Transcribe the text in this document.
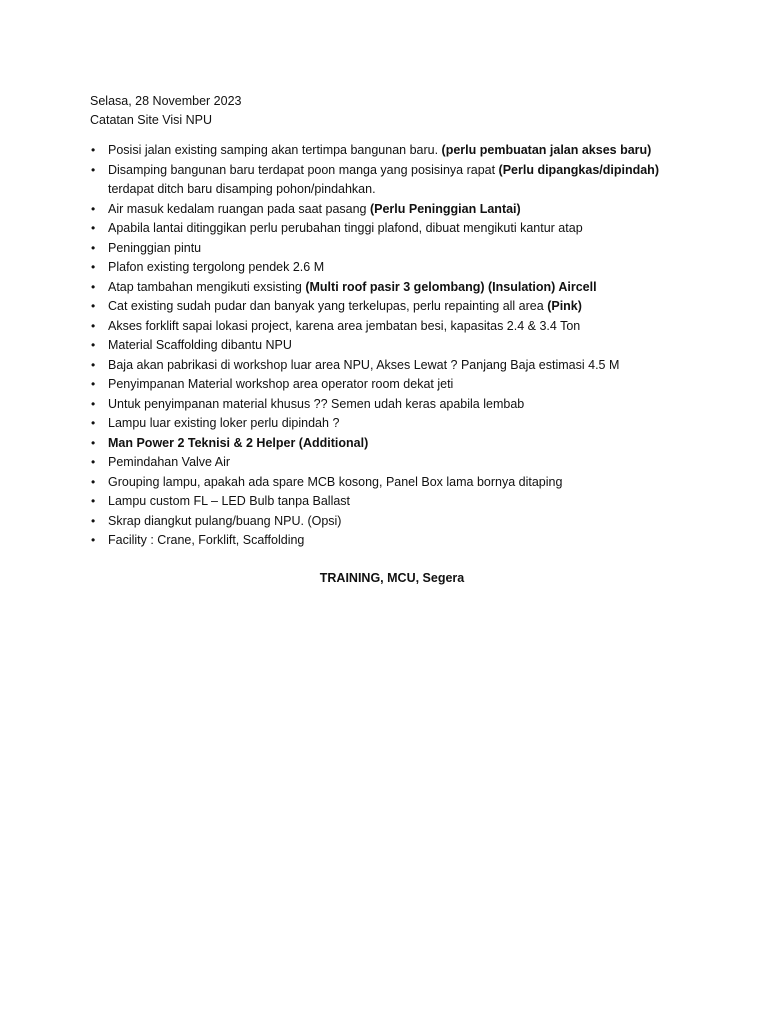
Selasa, 28 November 2023
Catatan Site Visi NPU
• Posisi jalan existing samping akan tertimpa bangunan baru. (perlu pembuatan jalan akses baru)
• Disamping bangunan baru terdapat poon manga yang posisinya rapat (Perlu dipangkas/dipindah)
terdapat ditch baru disamping pohon/pindahkan.
• Air masuk kedalam ruangan pada saat pasang (Perlu Peninggian Lantai)
• Apabila lantai ditinggikan perlu perubahan tinggi plafond, dibuat mengikuti kantur atap
• Peninggian pintu
• Plafon existing tergolong pendek 2.6 M
• Atap tambahan mengikuti exsisting (Multi roof pasir 3 gelombang) (Insulation) Aircell
• Cat existing sudah pudar dan banyak yang terkelupas, perlu repainting all area (Pink)
• Akses forklift sapai lokasi project, karena area jembatan besi, kapasitas 2.4 & 3.4 Ton
• Material Scaffolding dibantu NPU
• Baja akan pabrikasi di workshop luar area NPU, Akses Lewat ? Panjang Baja estimasi 4.5 M
• Penyimpanan Material workshop area operator room dekat jeti
• Untuk penyimpanan material khusus ?? Semen udah keras apabila lembab
• Lampu luar existing loker perlu dipindah ?
• Man Power 2 Teknisi & 2 Helper (Additional)
• Pemindahan Valve Air
• Grouping lampu, apakah ada spare MCB kosong, Panel Box lama bornya ditaping
• Lampu custom FL – LED Bulb tanpa Ballast
• Skrap diangkut pulang/buang NPU. (Opsi)
• Facility : Crane, Forklift, Scaffolding
TRAINING, MCU, Segera
